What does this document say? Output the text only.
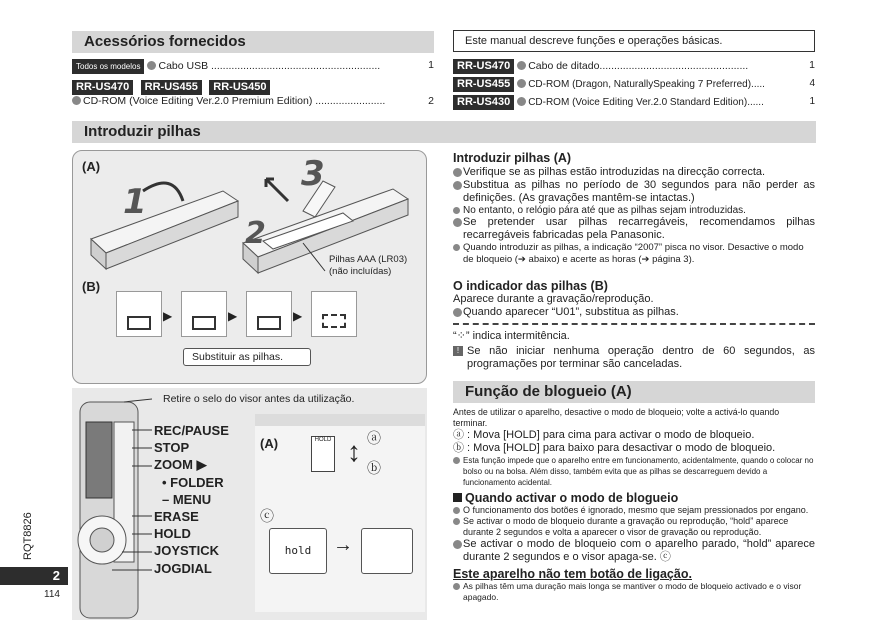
Acessórios fornecidos
Todos os modelos Cabo USB ..........................................................	1
RR-US470 RR-US455 RR-US450
CD-ROM (Voice Editing Ver.2.0 Premium Edition) ........................	2
Este manual descreve funções e operações básicas.
RR-US470 Cabo de ditado...................................................	1
RR-US455 CD-ROM (Dragon, NaturallySpeaking 7 Preferred).....	4
RR-US430 CD-ROM (Voice Editing Ver.2.0 Standard Edition)......	1
Introduzir pilhas
(A)
(B)
1
2
3
Pilhas AAA (LR03)
(não incluídas)
▶	▶	▶
Substituir as pilhas.
Introduzir pilhas (A)
Verifique se as pilhas estão introduzidas na direcção correcta.
Substitua as pilhas no período de 30 segundos para não perder as definições. (As gravações mantêm-se intactas.)
No entanto, o relógio pára até que as pilhas sejam introduzidas.
Se pretender usar pilhas recarregáveis, recomendamos pilhas recarregáveis fabricadas pela Panasonic.
Quando introduzir as pilhas, a indicação “2007” pisca no visor. Desactive o modo de bloqueio (➔ abaixo) e acerte as horas (➔ página 3).
O indicador das pilhas (B)
Aparece durante a gravação/reprodução.
Quando aparecer “U01”, substitua as pilhas.
“⁘” indica intermitência.
! Se não iniciar nenhuma operação dentro de 60 segundos, as programações por terminar são canceladas.
Retire o selo do visor antes da utilização.
REC/PAUSE
STOP
ZOOM ▶
• FOLDER
– MENU
ERASE
HOLD
JOYSTICK
JOGDIAL
(A)	HOLD ↕ ⓐ
ⓑ
ⓒ
hold	→
Função de blogueio (A)
Antes de utilizar o aparelho, desactive o modo de bloqueio; volte a activá-lo quando terminar.
ⓐ : Mova [HOLD] para cima para activar o modo de bloqueio.
ⓑ : Mova [HOLD] para baixo para desactivar o modo de bloqueio.
Esta função impede que o aparelho entre em funcionamento, acidentalmente, quando o colocar no bolso ou na bolsa. Além disso, também evita que as pilhas se descarreguem devido a funcionamento acidental.
Quando activar o modo de blogueio
O funcionamento dos botões é ignorado, mesmo que sejam pressionados por engano.
Se activar o modo de bloqueio durante a gravação ou reprodução, “hold” aparece durante 2 segundos e volta a aparecer o visor de gravação ou reprodução.
Se activar o modo de bloqueio com o aparelho parado, “hold” aparece durante 2 segundos e o visor apaga-se. ⓒ
Este aparelho não tem botão de ligação.
As pilhas têm uma duração mais longa se mantiver o modo de bloqueio activado e o visor apagado.
RQT8826
2
114
